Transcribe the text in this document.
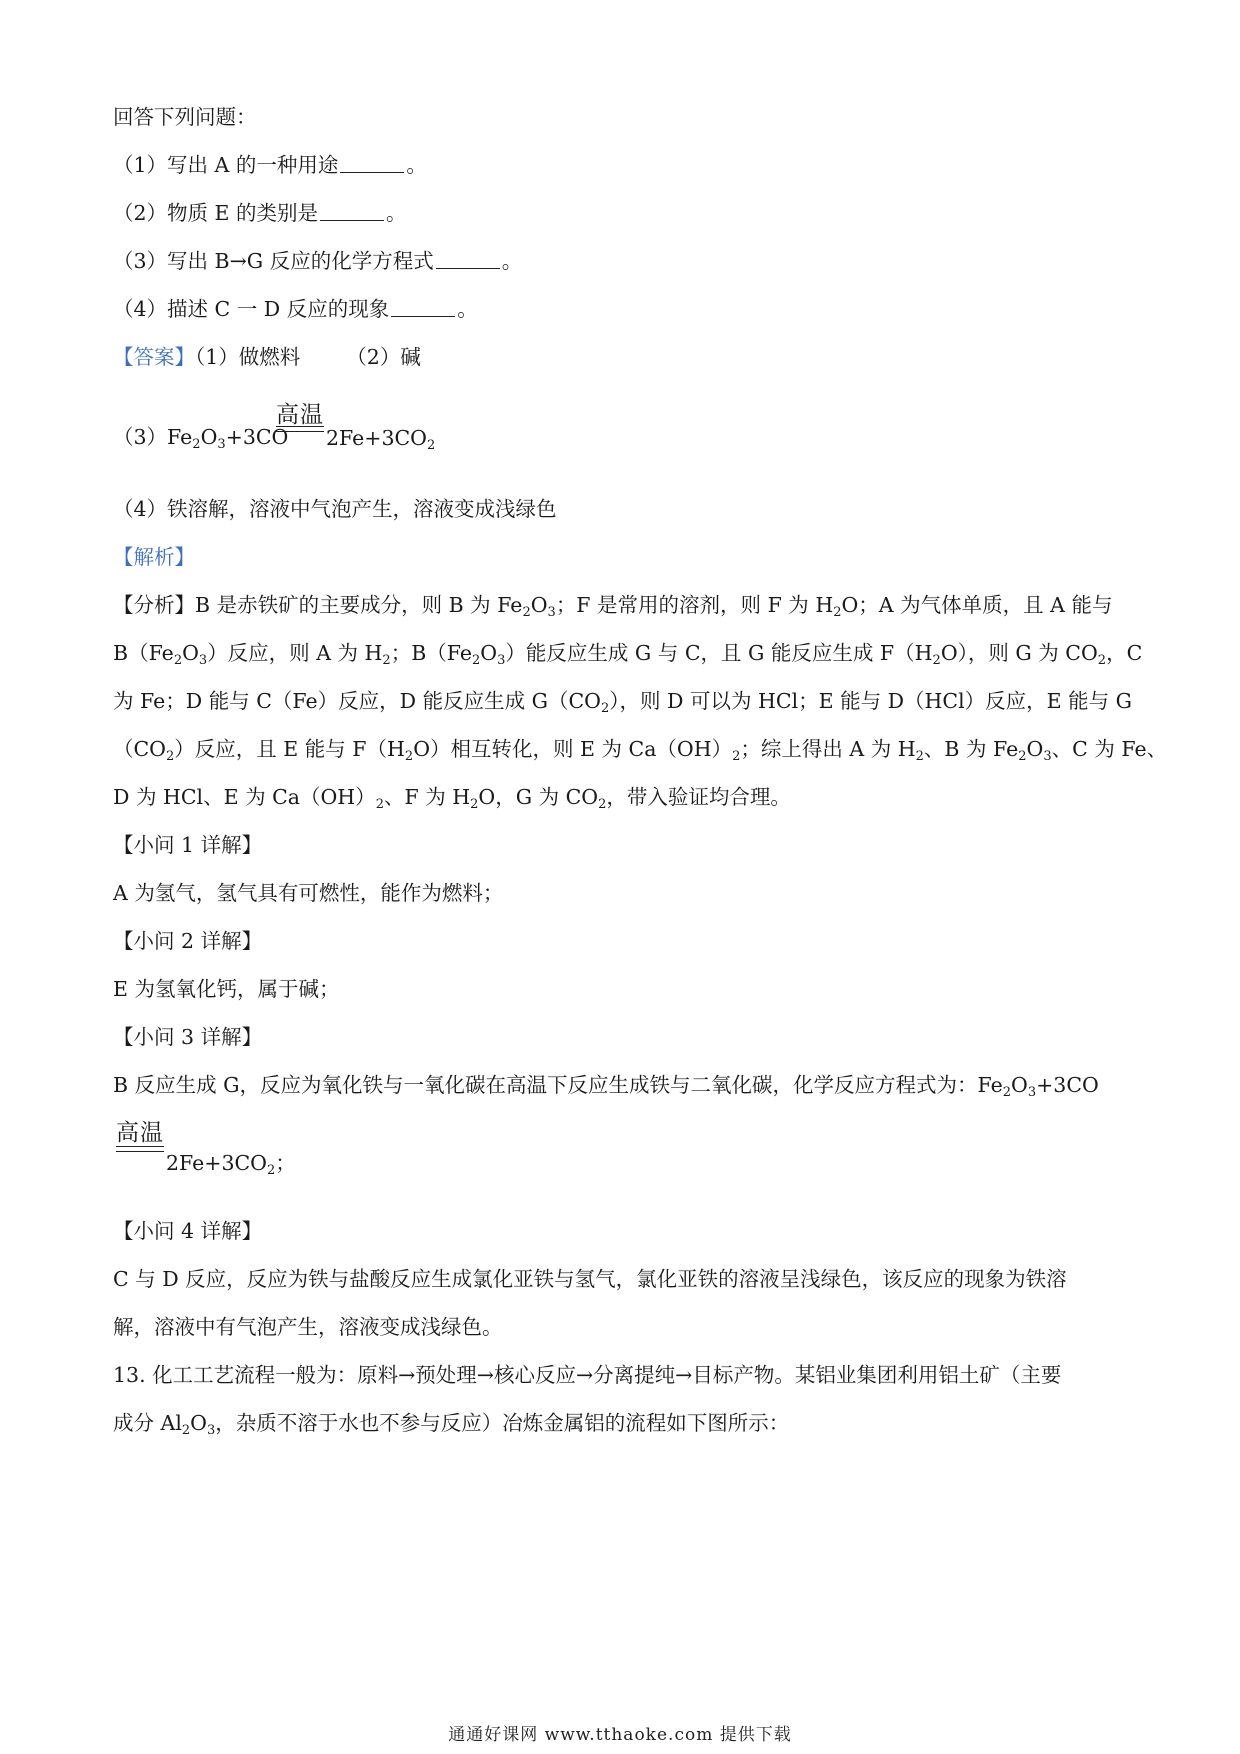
回答下列问题：
（1）写出 A 的一种用途	。
（2）物质 E 的类别是	。
（3）写出 B→G 反应的化学方程式	。
（4）描述 C 一 D 反应的现象	。
【答案】（1）做燃料 （2）碱
$(3)Fe_2O_3+3CO$
高温
$2Fe+3CO_2$
（4）铁溶解，溶液中气泡产生，溶液变成浅绿色
【解析】
【分析】B 是赤铁矿的主要成分，则 B 为 $Fe_2O_3$；F 是常用的溶剂，则 F 为 $H_2O$；A 为气体单质，且 A 能与
$B(Fe_2O_3)$反应，则 A 为 $H_2$；$B(Fe_2O_3)$能反应生成 G 与 C，且 G 能反应生成 $F(H_2O)$，则 G 为 $CO_2$，C
为 Fe；D 能与 C（Fe）反应，D 能反应生成 $G(CO_2)$，则 D 可以为 HCl；E 能与 D（HCl）反应，E 能与 G
$(CO_2)$反应，且 E 能与 $F(H_2O)$相互转化，则 E 为 $Ca(OH)_2$；综上得出 A 为 $H_2$、B 为 $Fe_2O_3$、C 为 Fe、
D 为 HCl、E 为 $Ca(OH)_2$、F 为 $H_2O$，G 为 $CO_2$，带入验证均合理。
【小问 1 详解】
A 为氢气，氢气具有可燃性，能作为燃料；
【小问 2 详解】
E 为氢氧化钙，属于碱；
【小问 3 详解】
B 反应生成 G，反应为氧化铁与一氧化碳在高温下反应生成铁与二氧化碳，化学反应方程式为：$Fe_2O_3+3CO$
高温
$2Fe+3CO_2$；
【小问 4 详解】
C 与 D 反应，反应为铁与盐酸反应生成氯化亚铁与氢气，氯化亚铁的溶液呈浅绿色，该反应的现象为铁溶
解，溶液中有气泡产生，溶液变成浅绿色。
13. 化工工艺流程一般为：原料→预处理→核心反应→分离提纯→目标产物。某铝业集团利用铝土矿（主要
成分 $Al_2O_3$，杂质不溶于水也不参与反应）冶炼金属铝的流程如下图所示：
通通好课网 www.tthaoke.com 提供下载
